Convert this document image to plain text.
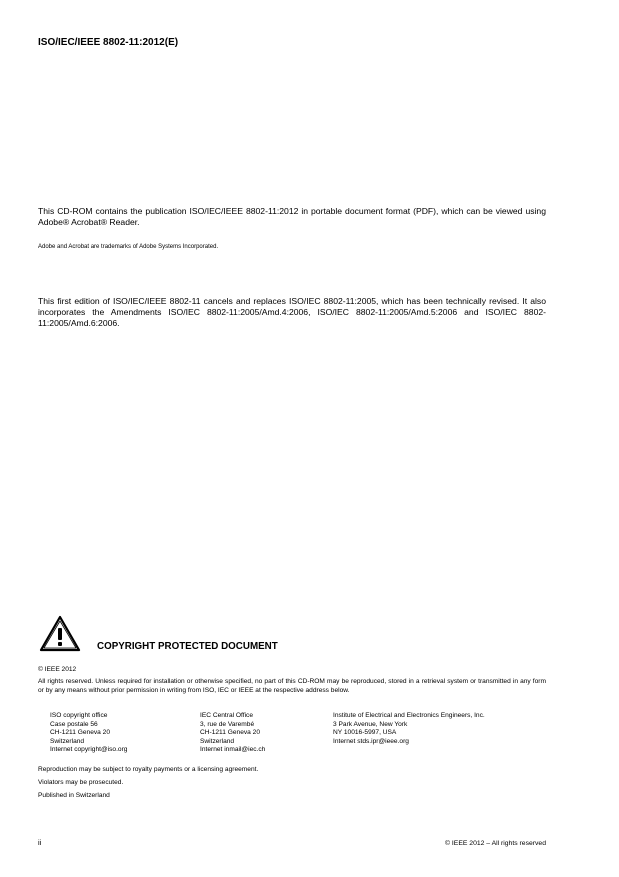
ISO/IEC/IEEE 8802-11:2012(E)
This CD-ROM contains the publication ISO/IEC/IEEE 8802-11:2012 in portable document format (PDF), which can be viewed using Adobe® Acrobat® Reader.
Adobe and Acrobat are trademarks of Adobe Systems Incorporated.
This first edition of ISO/IEC/IEEE 8802-11 cancels and replaces ISO/IEC 8802-11:2005, which has been technically revised. It also incorporates the Amendments ISO/IEC 8802-11:2005/Amd.4:2006, ISO/IEC 8802-11:2005/Amd.5:2006 and ISO/IEC 8802-11:2005/Amd.6:2006.
COPYRIGHT PROTECTED DOCUMENT
© IEEE 2012
All rights reserved. Unless required for installation or otherwise specified, no part of this CD-ROM may be reproduced, stored in a retrieval system or transmitted in any form or by any means without prior permission in writing from ISO, IEC or IEEE at the respective address below.
ISO copyright office
Case postale 56
CH-1211 Geneva 20
Switzerland
Internet copyright@iso.org
IEC Central Office
3, rue de Varembé
CH-1211 Geneva 20
Switzerland
Internet inmail@iec.ch
Institute of Electrical and Electronics Engineers, Inc.
3 Park Avenue, New York
NY 10016-5997, USA
Internet stds.ipr@ieee.org
Reproduction may be subject to royalty payments or a licensing agreement.
Violators may be prosecuted.
Published in Switzerland
ii	© IEEE 2012 – All rights reserved
